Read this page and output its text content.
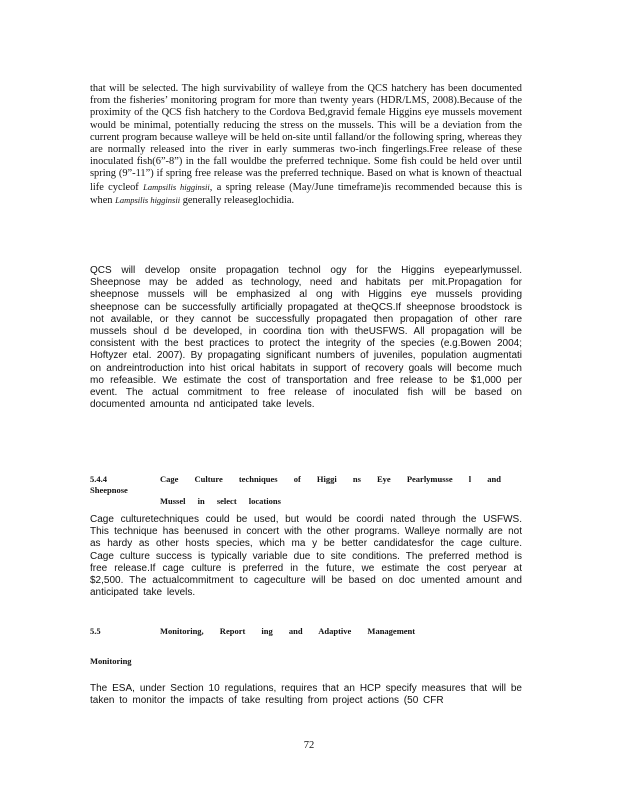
that will be selected. The high survivability of walleye from the QCS hatchery has been documented from the fisheries’ monitoring program for more than twenty years (HDR/LMS, 2008).Because of the proximity of the QCS fish hatchery to the Cordova Bed,gravid female Higgins eye mussels movement would be minimal, potentially reducing the stress on the mussels. This will be a deviation from the current program because walleye will be held on-site until falland/or the following spring, whereas they are normally released into the river in early summeras two-inch fingerlings.Free release of these inoculated fish(6”-8”) in the fall wouldbe the preferred technique. Some fish could be held over until spring (9”-11”) if spring free release was the preferred technique. Based on what is known of theactual life cycleof Lampsilis higginsii, a spring release (May/June timeframe)is recommended because this is when Lampsilis higginsii generally releaseglochidia.

QCS will develop onsite propagation technol ogy for the Higgins eyepearlymussel. Sheepnose may be added as technology, need and habitats per mit.Propagation for sheepnose mussels will be emphasized al ong with Higgins eye mussels providing sheepnose can be successfully artificially propagated at theQCS.If sheepnose broodstock is not available, or they cannot be successfully propagated then propagation of other rare mussels shoul d be developed, in coordina tion with theUSFWS. All propagation will be consistent with the best practices to protect the integrity of the species (e.g.Bowen 2004; Hoftyzer etal. 2007). By propagating significant numbers of juveniles, population augmentati on andreintroduction into hist orical habitats in support of recovery goals will become much mo refeasible. We estimate the cost of transportation and free release to be $1,000 per event. The actual commitment to free release of inoculated fish will be based on documented amounta nd anticipated take levels.

5.4.4	Cage Culture techniques of Higgi ns Eye Pearlymusse l and Sheepnose
Mussel in select locations

Cage culturetechniques could be used, but would be coordi nated through the USFWS. This technique has beenused in concert with the other programs. Walleye normally are not as hardy as other hosts species, which ma y be better candidatesfor the cage culture. Cage culture success is typically variable due to site conditions. The preferred method is free release.If cage culture is preferred in the future, we estimate the cost peryear at $2,500. The actualcommitment to cageculture will be based on doc umented amount and anticipated take levels.

5.5	Monitoring, Report ing and Adaptive Management
Monitoring

The ESA, under Section 10 regulations, requires that an HCP specify measures that will be taken to monitor the impacts of take resulting from project actions (50 CFR

72
